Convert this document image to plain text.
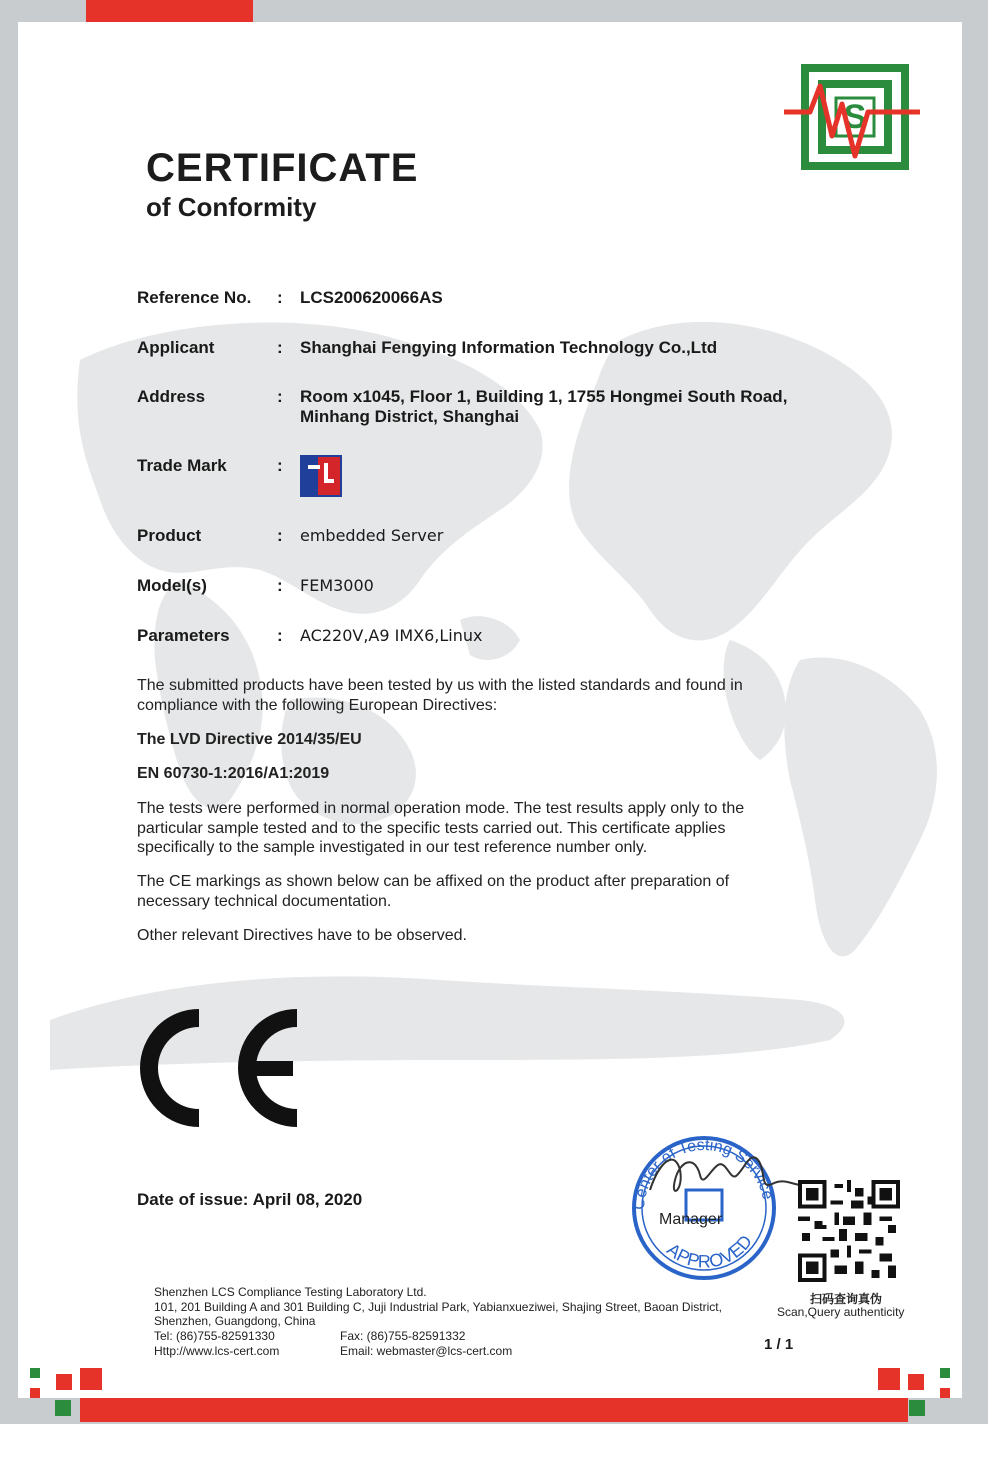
S
CERTIFICATE
of Conformity
Reference No.	: LCS200620066AS
Applicant	: Shanghai Fengying Information Technology Co.,Ltd
Address	: Room x1045, Floor 1, Building 1, 1755 Hongmei South Road,
Minhang District, Shanghai
Trade Mark	:
Product	: embedded Server
Model(s)	: FEM3000
Parameters	: AC220V,A9 IMX6,Linux
The submitted products have been tested by us with the listed standards and found in
compliance with the following European Directives:
The LVD Directive 2014/35/EU
EN 60730-1:2016/A1:2019
The tests were performed in normal operation mode. The test results apply only to the
particular sample tested and to the specific tests carried out. This certificate applies
specifically to the sample investigated in our test reference number only.
The CE markings as shown below can be affixed on the product after preparation of
necessary technical documentation.
Other relevant Directives have to be observed.
Date of issue: April 08, 2020	Center of Testing Service
APPROVED
Manager
扫码查询真伪
Scan,Query authenticity
Shenzhen LCS Compliance Testing Laboratory Ltd.
101, 201 Building A and 301 Building C, Juji Industrial Park, Yabianxueziwei, Shajing Street, Baoan District,
Shenzhen, Guangdong, China
Tel: (86)755-82591330	Fax: (86)755-82591332
Http://www.lcs-cert.com	Email: webmaster@lcs-cert.com	1 / 1
